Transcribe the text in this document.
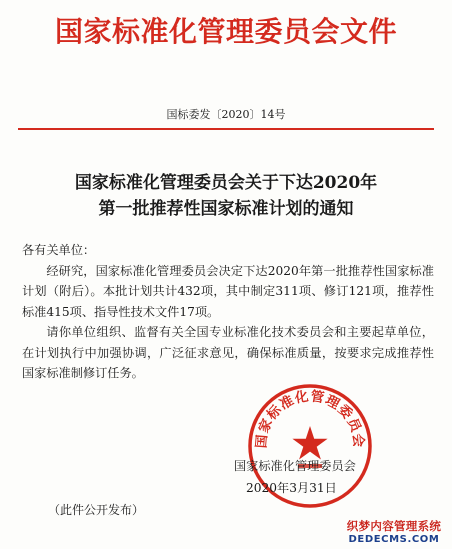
国家标准化管理委员会文件
国标委发〔2020〕14号
国家标准化管理委员会关于下达2020年
第一批推荐性国家标准计划的通知

各有关单位：

经研究，国家标准化管理委员会决定下达2020年第一批推荐性国家标准计划（附后）。本批计划共计432项，其中制定311项、修订121项，推荐性标准415项、指导性技术文件17项。

请你单位组织、监督有关全国专业标准化技术委员会和主要起草单位，在计划执行中加强协调，广泛征求意见，确保标准质量，按要求完成推荐性国家标准制修订任务。

国家标准化管理委员会
国家标准化管理委员会
2020年3月31日
（此件公开发布）
织梦内容管理系统
DEDECMS.COM
